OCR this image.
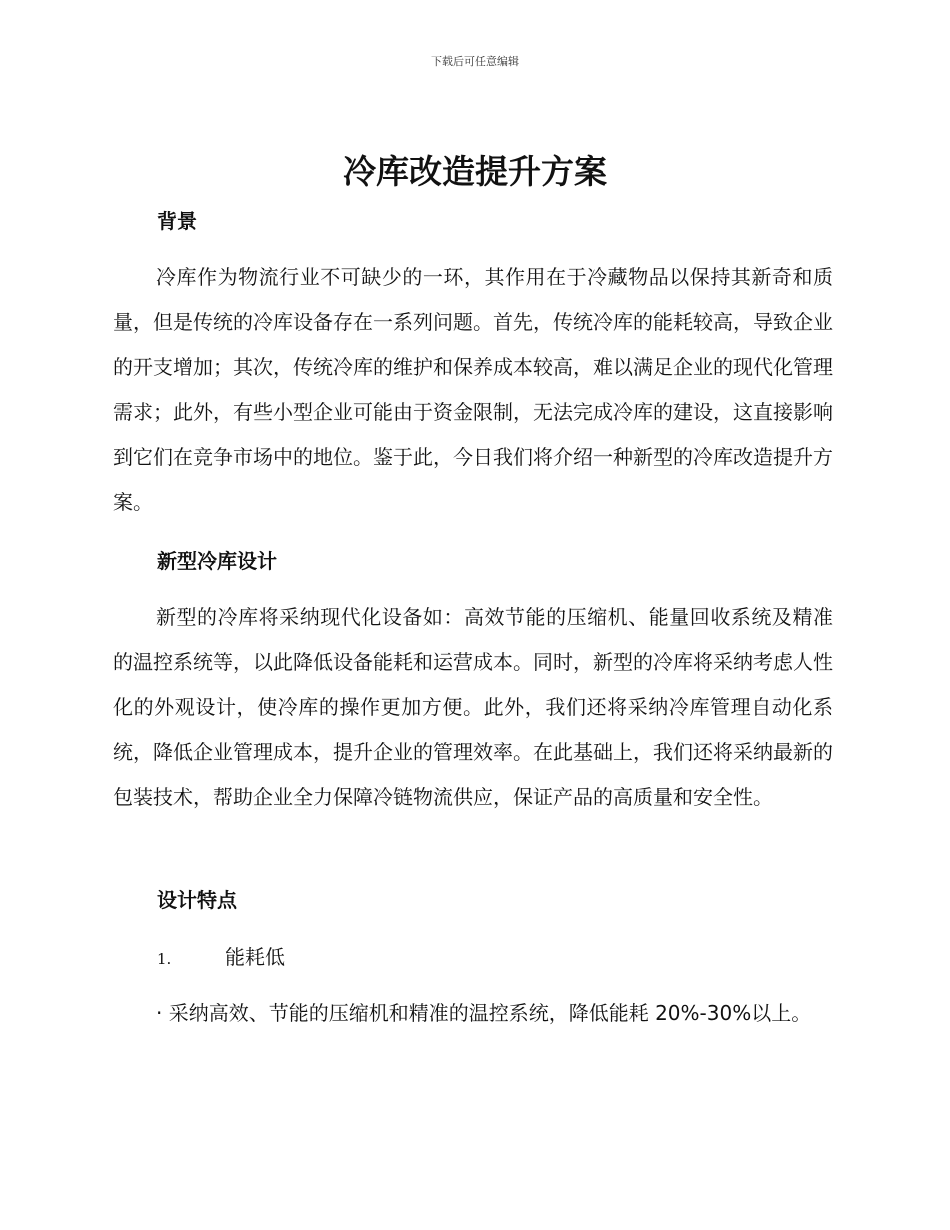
下载后可任意编辑
冷库改造提升方案
背景

冷库作为物流行业不可缺少的一环，其作用在于冷藏物品以保持其新奇和质量，但是传统的冷库设备存在一系列问题。首先，传统冷库的能耗较高，导致企业的开支增加；其次，传统冷库的维护和保养成本较高，难以满足企业的现代化管理需求；此外，有些小型企业可能由于资金限制，无法完成冷库的建设，这直接影响到它们在竞争市场中的地位。鉴于此，今日我们将介绍一种新型的冷库改造提升方案。

新型冷库设计

新型的冷库将采纳现代化设备如：高效节能的压缩机、能量回收系统及精准的温控系统等，以此降低设备能耗和运营成本。同时，新型的冷库将采纳考虑人性化的外观设计，使冷库的操作更加方便。此外，我们还将采纳冷库管理自动化系统，降低企业管理成本，提升企业的管理效率。在此基础上，我们还将采纳最新的包装技术，帮助企业全力保障冷链物流供应，保证产品的高质量和安全性。

设计特点
1.	能耗低

· 采纳高效、节能的压缩机和精准的温控系统，降低能耗 20%-30%以上。
